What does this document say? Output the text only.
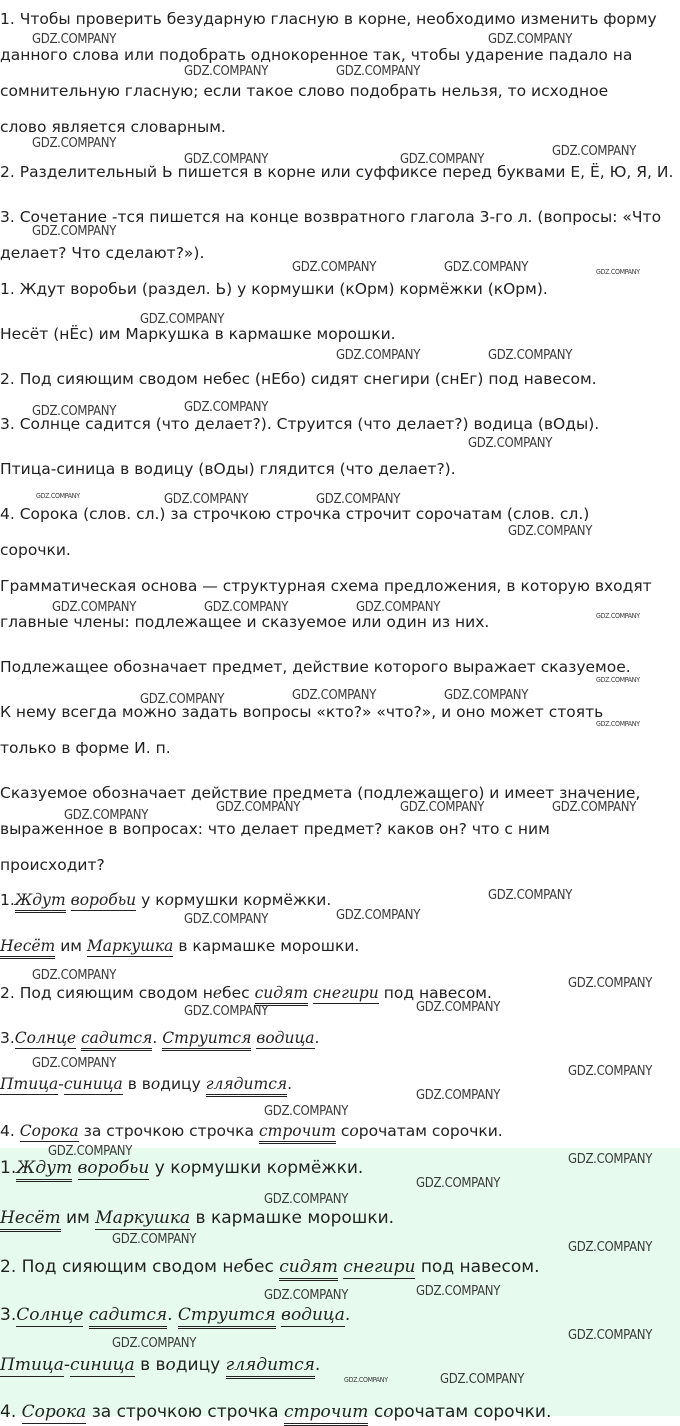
1. Чтобы проверить безударную гласную в корне, необходимо изменить форму
данного слова или подобрать однокоренное так, чтобы ударение падало на
сомнительную гласную; если такое слово подобрать нельзя, то исходное
слово является словарным.
2. Разделительный Ь пишется в корне или суффиксе перед буквами Е, Ё, Ю, Я, И.
3. Сочетание -тся пишется на конце возвратного глагола 3-го л. (вопросы: «Что
делает? Что сделают?»).
1. Ждут воробьи (раздел. Ь) у кормушки (кОрм) кормёжки (кОрм).
Несёт (нЁс) им Маркушка в кармашке морошки.
2. Под сияющим сводом небес (нЕбо) сидят снегири (снЕг) под навесом.
3. Солнце садится (что делает?). Струится (что делает?) водица (вОды).
Птица-синица в водицу (вОды) глядится (что делает?).
4. Сорока (слов. сл.) за строчкою строчка строчит сорочатам (слов. сл.)
сорочки.
Грамматическая основа — структурная схема предложения, в которую входят
главные члены: подлежащее и сказуемое или один из них.
Подлежащее обозначает предмет, действие которого выражает сказуемое.
К нему всегда можно задать вопросы «кто?» «что?», и оно может стоять
только в форме И. п.
Сказуемое обозначает действие предмета (подлежащего) и имеет значение,
выраженное в вопросах: что делает предмет? каков он? что с ним
происходит?
1.Ждут воробьи у кормушки кормёжки.
Несёт им Маркушка в кармашке морошки.
2. Под сияющим сводом небес сидят снегири под навесом.
3.Солнце садится. Струится водица.
Птица-синица в водицу глядится.
4. Сорока за строчкою строчка строчит сорочатам сорочки.
1.Ждут воробьи у кормушки кормёжки.
Несёт им Маркушка в кармашке морошки.
2. Под сияющим сводом небес сидят снегири под навесом.
3.Солнце садится. Струится водица.
Птица-синица в водицу глядится.
4. Сорока за строчкою строчка строчит сорочатам сорочки.
GDZ.COMPANY	GDZ.COMPANY
GDZ.COMPANY	GDZ.COMPANY
GDZ.COMPANY
GDZ.COMPANY
GDZ.COMPANY	GDZ.COMPANY
GDZ.COMPANY
GDZ.COMPANY	GDZ.COMPANY
GDZ.COMPANY
GDZ.COMPANY	GDZ.COMPANY
GDZ.COMPANY	GDZ.COMPANY
GDZ.COMPANY
GDZ.COMPANY	GDZ.COMPANY
GDZ.COMPANY
GDZ.COMPANY	GDZ.COMPANY	GDZ.COMPANY
GDZ.COMPANY	GDZ.COMPANY	GDZ.COMPANY
GDZ.COMPANY
GDZ.COMPANY	GDZ.COMPANY	GDZ.COMPANY
GDZ.COMPANY
GDZ.COMPANY	GDZ.COMPANY
GDZ.COMPANY
GDZ.COMPANY
GDZ.COMPANY	GDZ.COMPANY
GDZ.COMPANY
GDZ.COMPANY
GDZ.COMPANY
GDZ.COMPANY
GDZ.COMPANY
GDZ.COMPANY
GDZ.COMPANY
GDZ.COMPANY
GDZ.COMPANY
GDZ.COMPANY
GDZ.COMPANY	GDZ.COMPANY
GDZ.COMPANY
GDZ.COMPANY
GDZ.COMPANY
GDZ.COMPANY
GDZ.COMPANY
GDZ.COMPANY
GDZ.COMPANY
GDZ.COMPANY
GDZ.COMPANY
